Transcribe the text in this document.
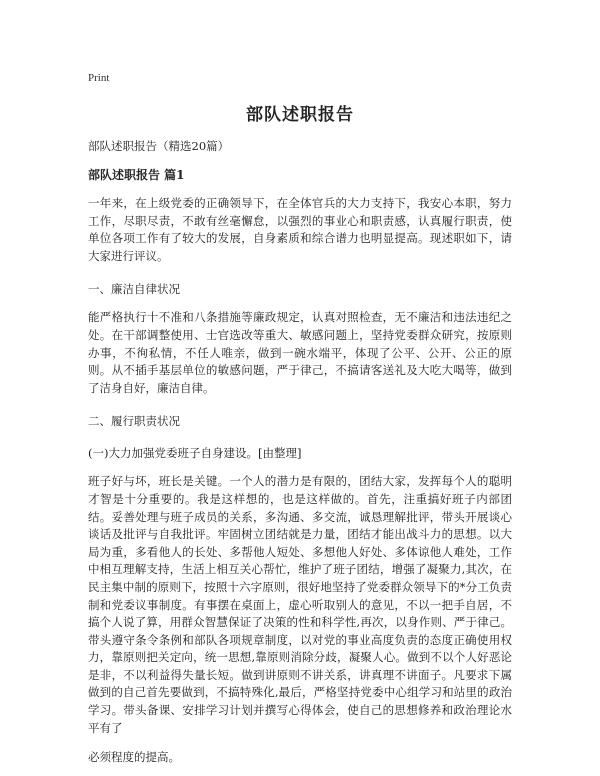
Print
部队述职报告
部队述职报告（精选20篇）
部队述职报告 篇1

一年来，在上级党委的正确领导下，在全体官兵的大力支持下，我安心本职，努力工作，尽职尽责，不敢有丝毫懈怠，以强烈的事业心和职责感，认真履行职责，使单位各项工作有了较大的发展，自身素质和综合谱力也明显提高。现述职如下，请大家进行评议。

一、廉洁自律状况

能严格执行十不准和八条措施等廉政规定，认真对照检查，无不廉洁和违法违纪之处。在干部调整使用、士官选改等重大、敏感问题上，坚持党委群众研究，按原则办事，不徇私情，不任人唯亲，做到一碗水端平，体现了公平、公开、公正的原则。从不插手基层单位的敏感问题，严于律己，不搞请客送礼及大吃大喝等，做到了洁身自好，廉洁自律。

二、履行职责状况
(一)大力加强党委班子自身建设。[由整理]

班子好与坏，班长是关键。一个人的潜力是有限的，团结大家，发挥每个人的聪明才智是十分重要的。我是这样想的，也是这样做的。首先，注重搞好班子内部团结。妥善处理与班子成员的关系，多沟通、多交流，诚恳理解批评，带头开展谈心谈话及批评与自我批评。牢固树立团结就是力量，团结才能出战斗力的思想。以大局为重，多看他人的长处、多帮他人短处、多想他人好处、多体谅他人难处，工作中相互理解支持，生活上相互关心帮忙，维护了班子团结，增强了凝聚力,其次，在民主集中制的原则下，按照十六字原则，很好地坚持了党委群众领导下的*分工负责制和党委议事制度。有事摆在桌面上，虚心听取别人的意见，不以一把手自居，不搞个人说了算，用群众智慧保证了决策的性和科学性,再次，以身作则、严于律己。带头遵守条令条例和部队各项规章制度，以对党的事业高度负责的态度正确使用权力，靠原则把关定向，统一思想,靠原则消除分歧，凝聚人心。做到不以个人好恶论是非，不以利益得失量长短。做到讲原则不讲关系，讲真理不讲面子。凡要求下属做到的自己首先要做到，不搞特殊化,最后，严格坚持党委中心组学习和站里的政治学习。带头备课、安排学习计划并撰写心得体会，使自己的思想修养和政治理论水平有了

必须程度的提高。
